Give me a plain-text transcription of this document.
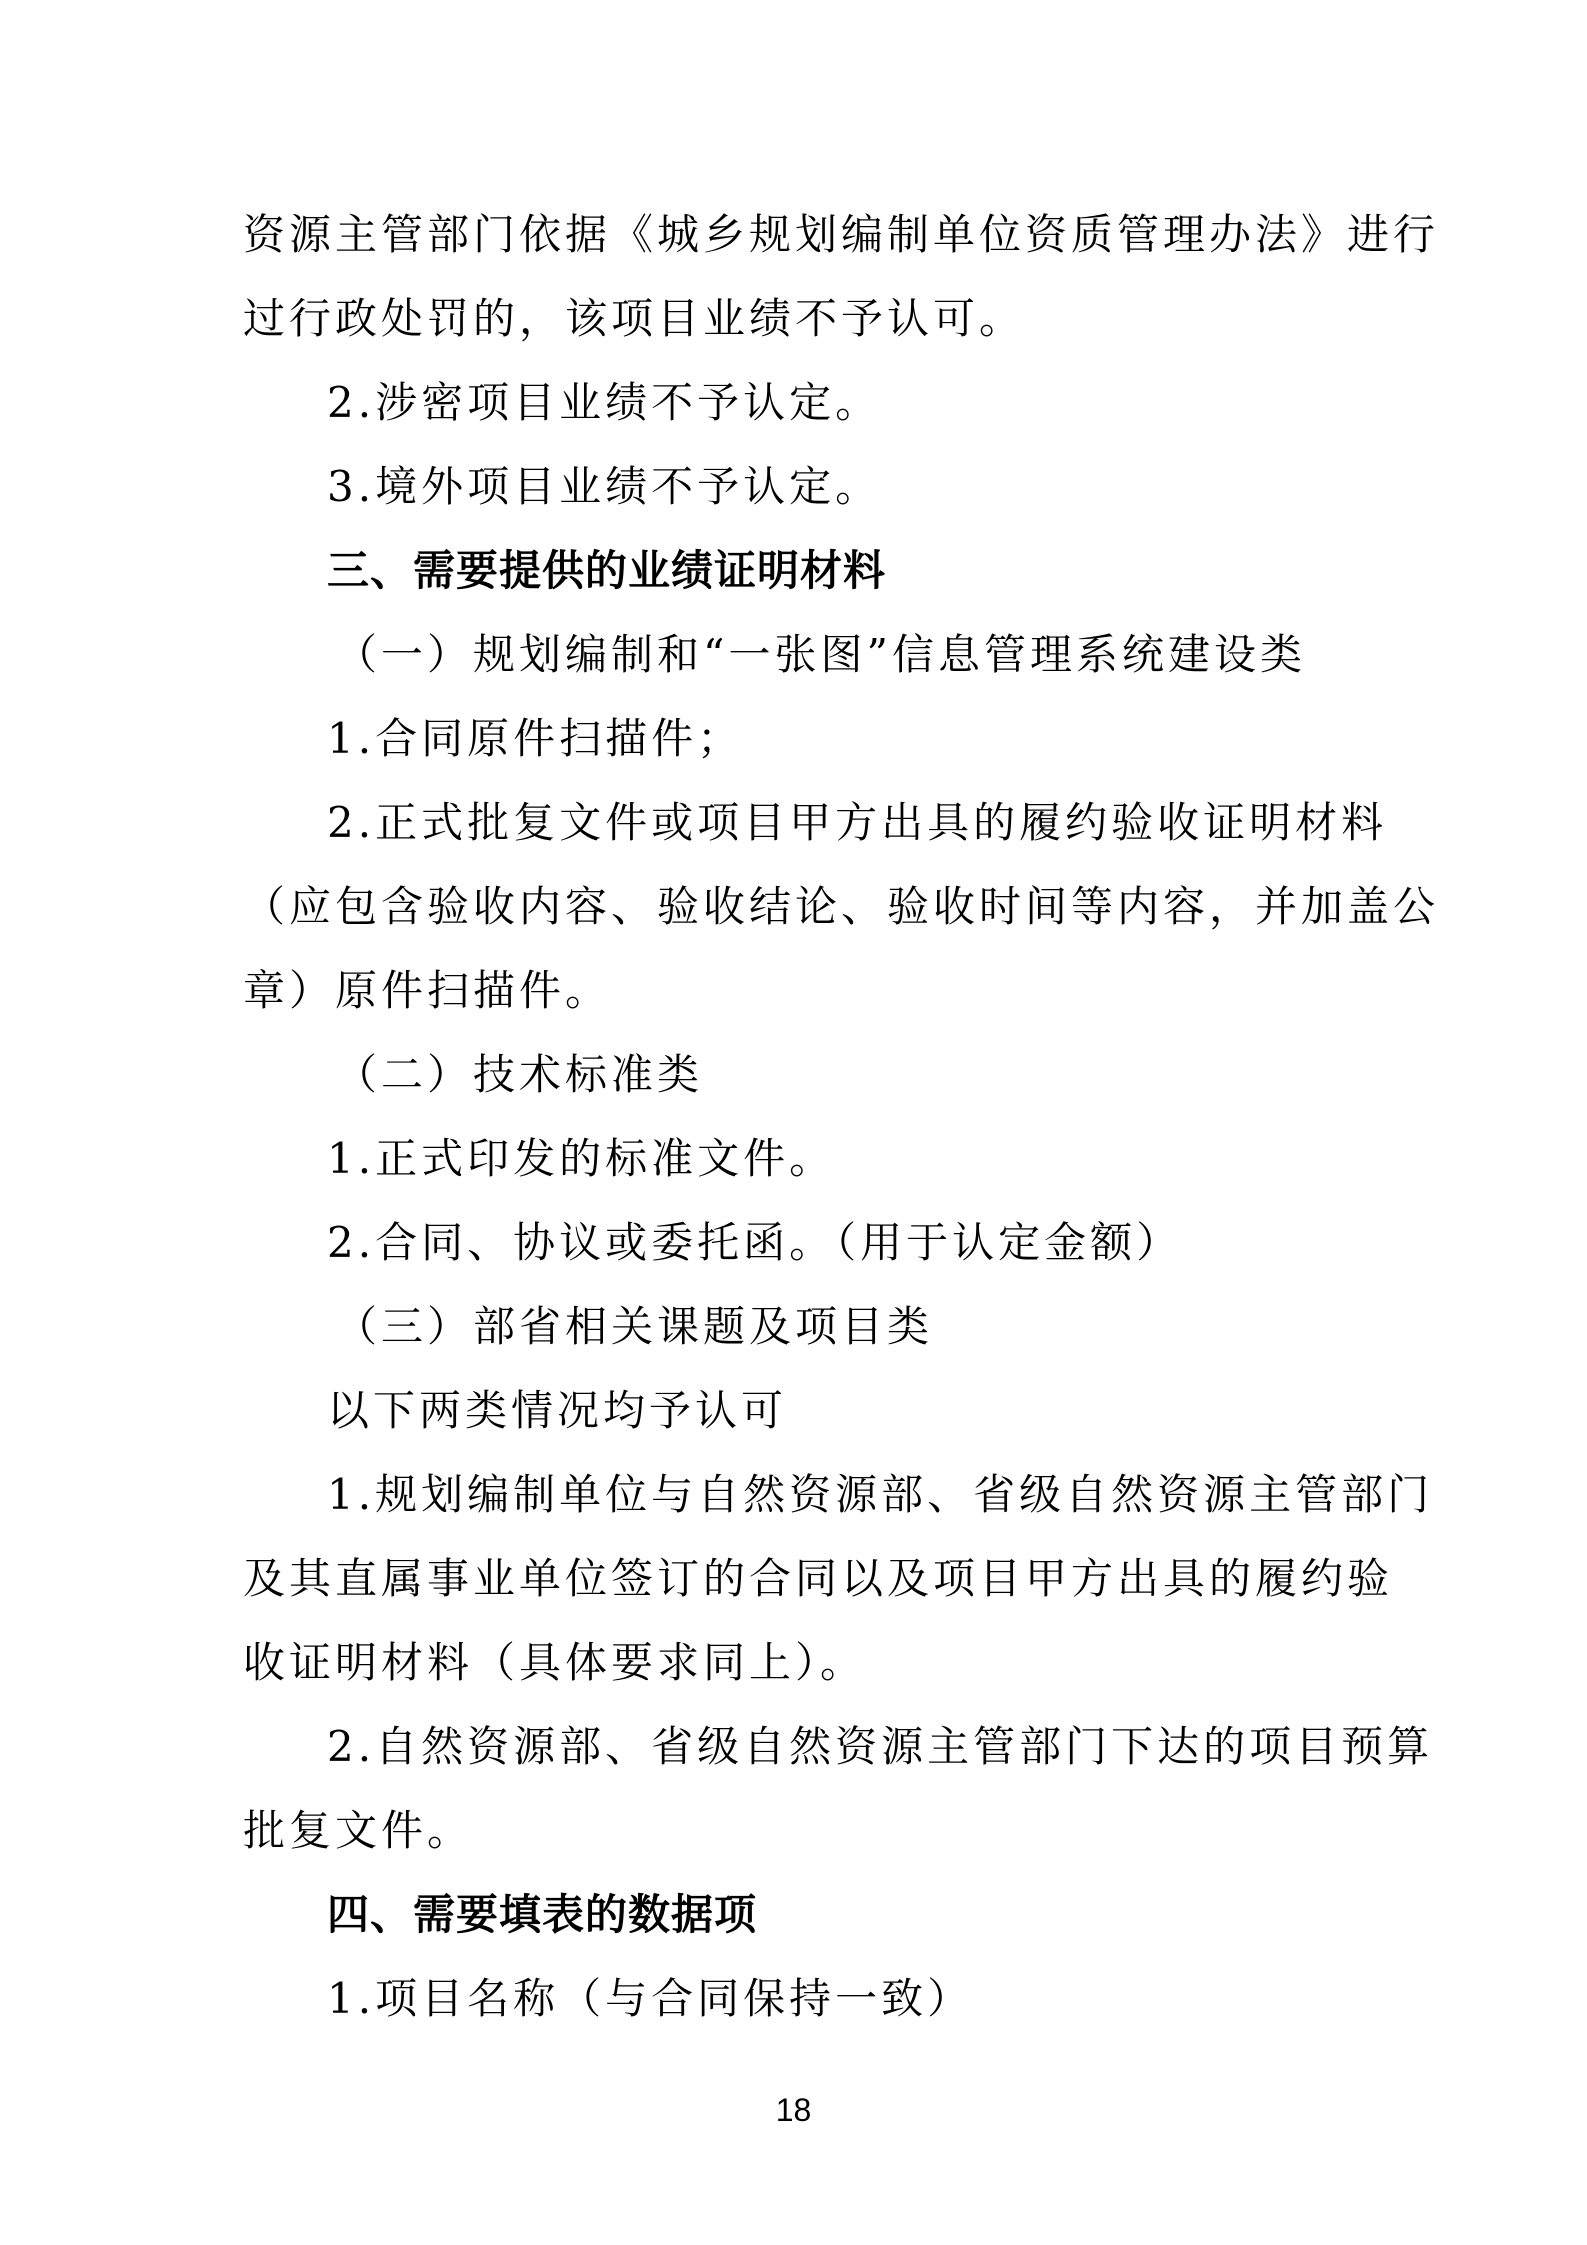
资源主管部门依据《城乡规划编制单位资质管理办法》进行
过行政处罚的，该项目业绩不予认可。
2.涉密项目业绩不予认定。
3.境外项目业绩不予认定。
三、需要提供的业绩证明材料
（一）规划编制和“一张图”信息管理系统建设类
1.合同原件扫描件；
2.正式批复文件或项目甲方出具的履约验收证明材料
（应包含验收内容、验收结论、验收时间等内容，并加盖公
章）原件扫描件。
（二）技术标准类
1.正式印发的标准文件。
2.合同、协议或委托函。（用于认定金额）
（三）部省相关课题及项目类
以下两类情况均予认可
1.规划编制单位与自然资源部、省级自然资源主管部门
及其直属事业单位签订的合同以及项目甲方出具的履约验
收证明材料（具体要求同上）。
2.自然资源部、省级自然资源主管部门下达的项目预算
批复文件。
四、需要填表的数据项
1.项目名称（与合同保持一致）
18
